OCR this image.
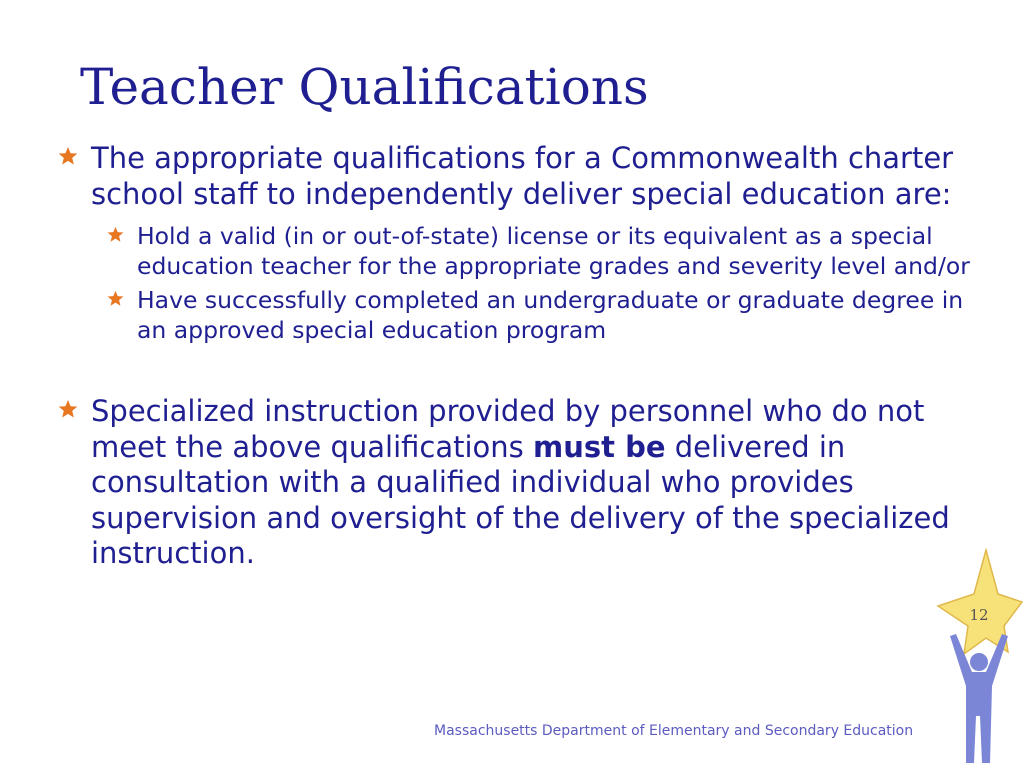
Teacher Qualifications
The appropriate qualifications for a Commonwealth charter school staff to independently deliver special education are:
Hold a valid (in or out-of-state) license or its equivalent as a special education teacher for the appropriate grades and severity level and/or
Have successfully completed an undergraduate or graduate degree in an approved special education program
Specialized instruction provided by personnel who do not meet the above qualifications must be delivered in consultation with a qualified individual who provides supervision and oversight of the delivery of the specialized instruction.
12
Massachusetts Department of Elementary and Secondary Education
